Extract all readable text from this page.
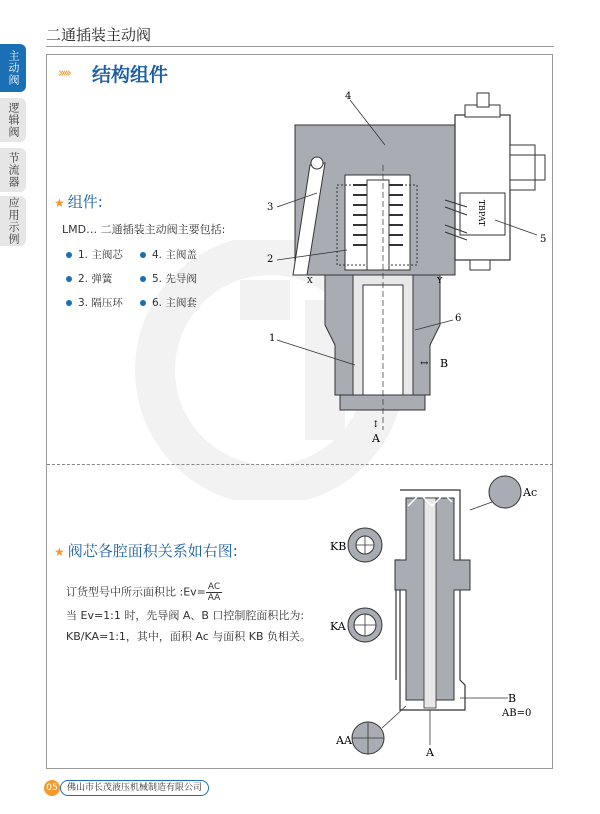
二通插装主动阀
主动阀
逻辑阀
节流器
应用示例
››››› 结构组件
★ 组件:
LMD… 二通插装主动阀主要包括:
1. 主阀芯
2. 弹簧
3. 隔压环
4. 主阀盖
5. 先导阀
6. 主阀套
TBPAT
4
3
2
1
6
5
X	Y
↔ B
↕
A
★ 阀芯各腔面积关系如右图:
订货型号中所示面积比 :Ev= $\frac{AC}{AA}$
当 Ev=1:1 时，先导阀 A、B 口控制腔面积比为:
KB/KA=1:1，其中，面积 Ac 与面积 KB 负相关。
Ac
KB
KA
AA
B
AB=0
A
05	佛山市长茂液压机械制造有限公司
